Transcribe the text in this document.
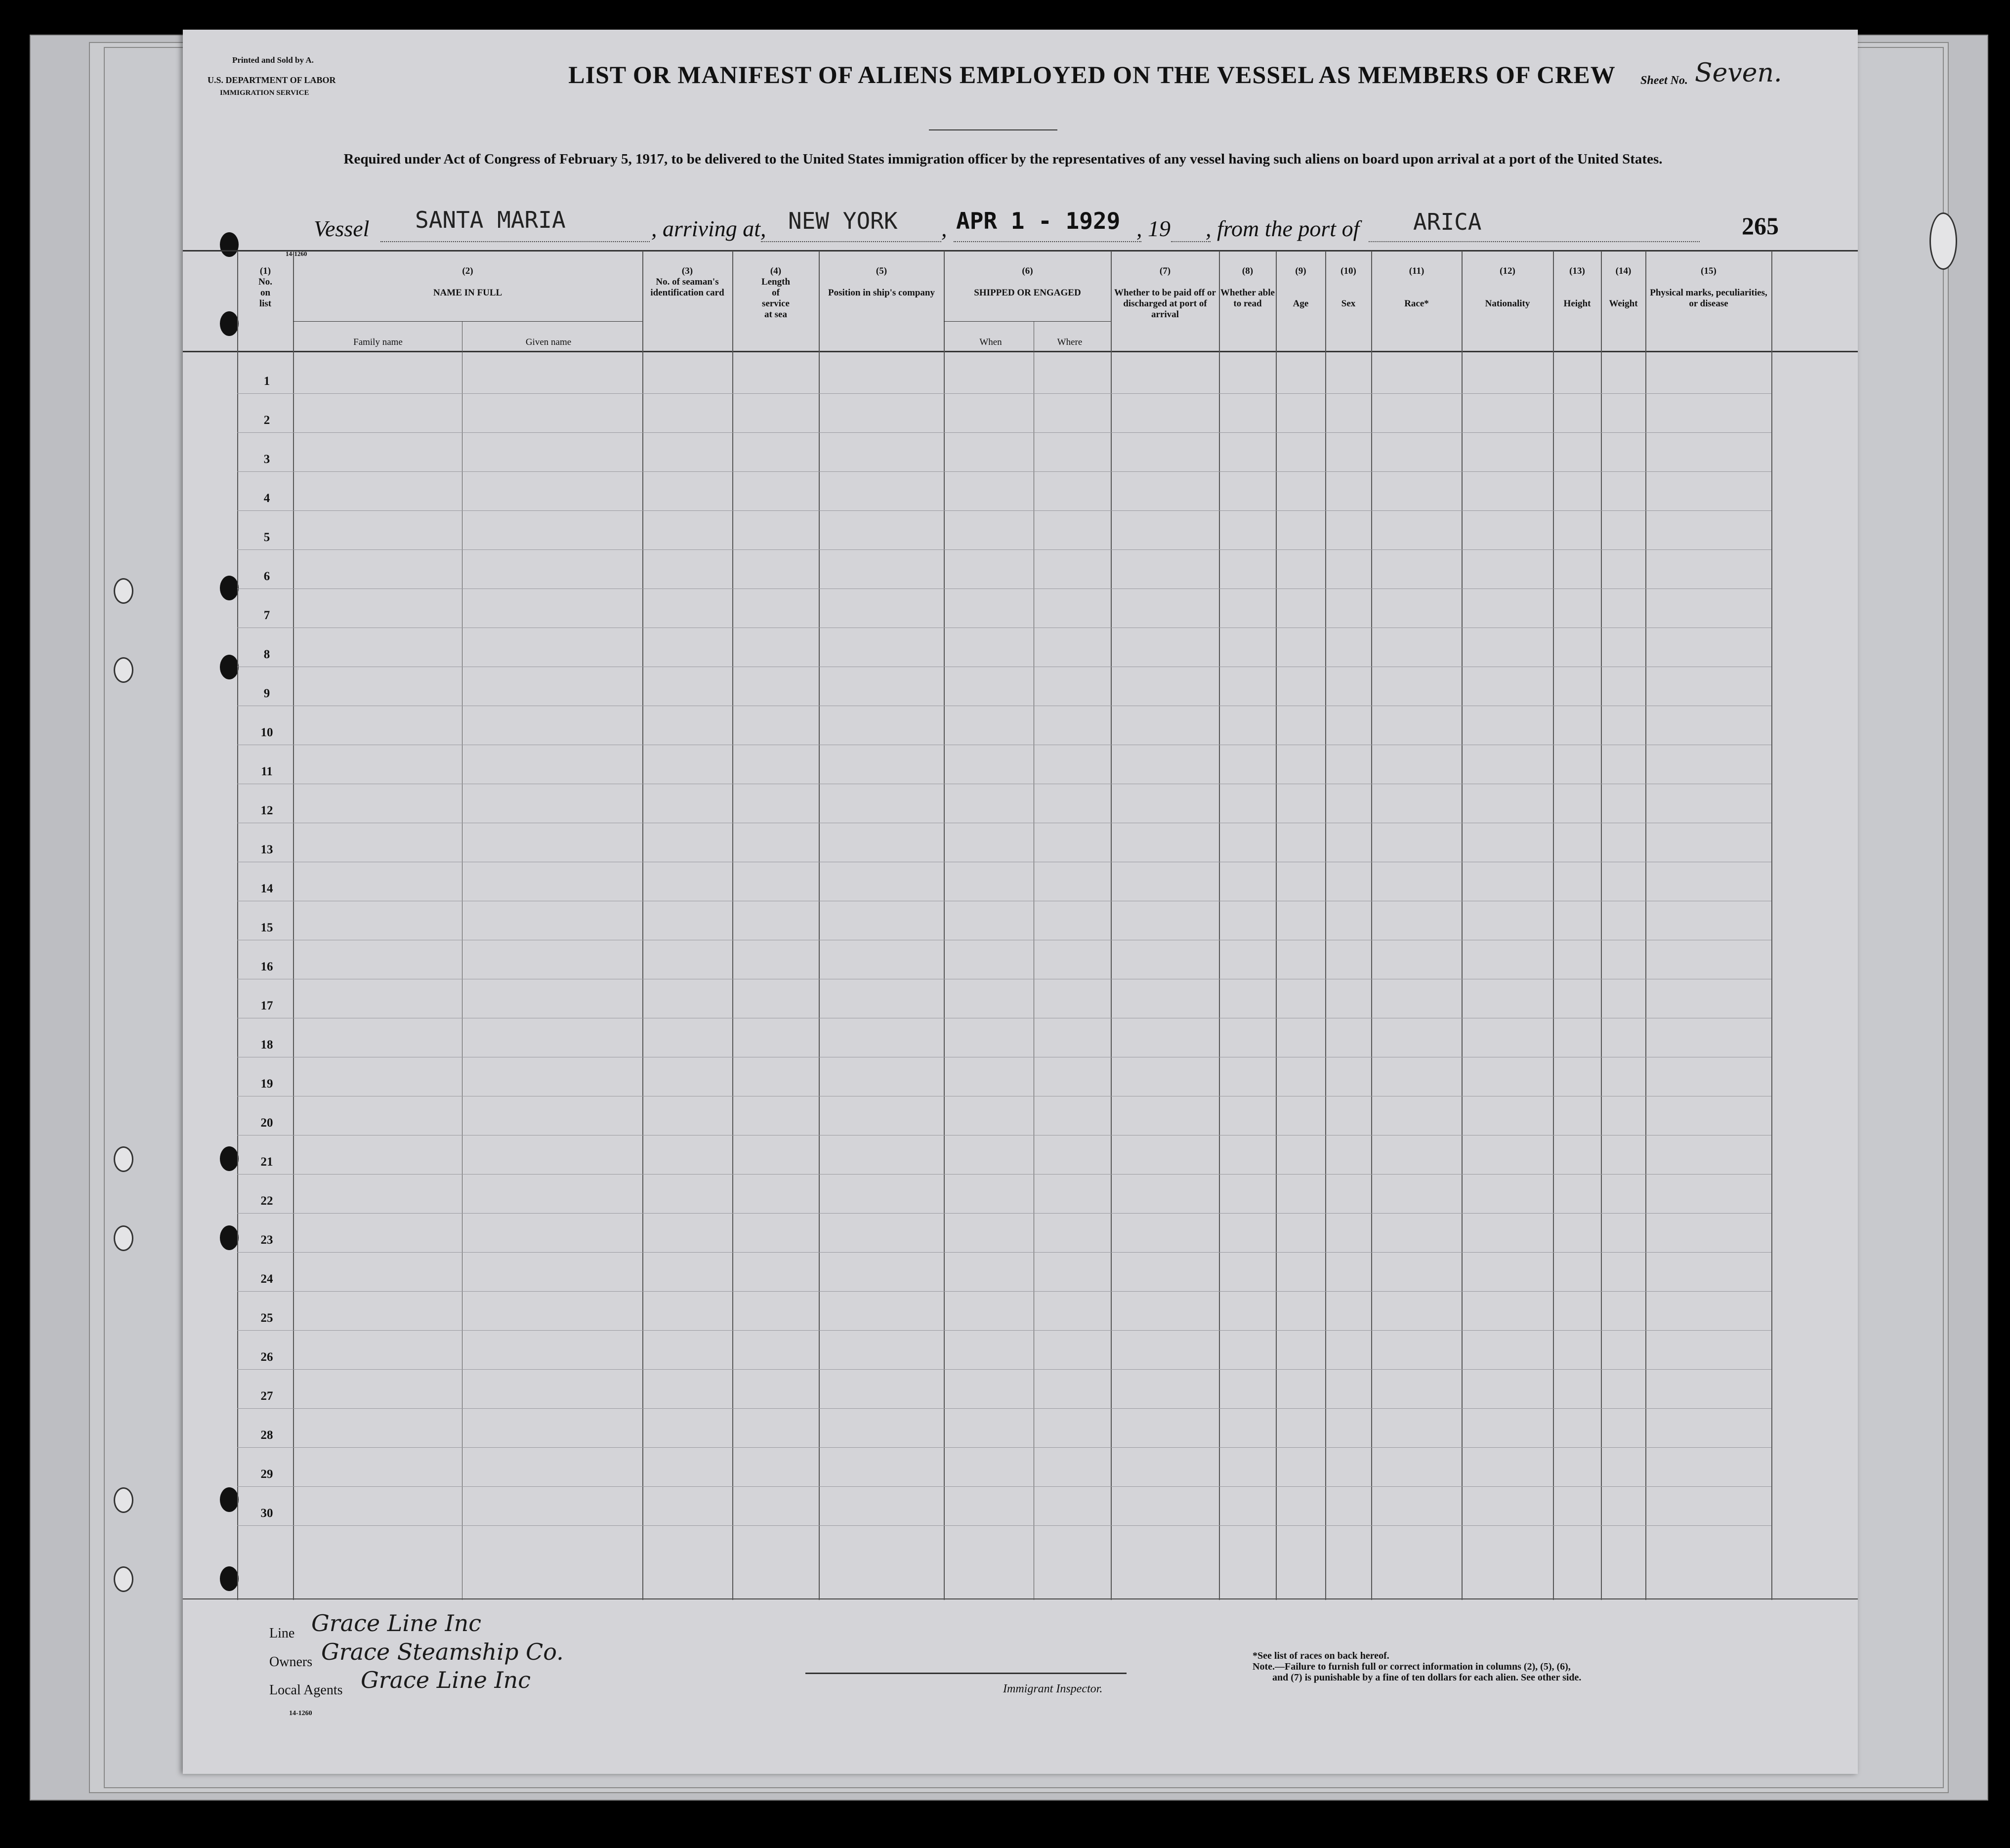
Printed and Sold by A.
U.S. DEPARTMENT OF LABOR
IMMIGRATION SERVICE
Sheet No. Seven.
LIST OR MANIFEST OF ALIENS EMPLOYED ON THE VESSEL AS MEMBERS OF CREW
Required under Act of Congress of February 5, 1917, to be delivered to the United States immigration officer by the representatives of any vessel having such aliens on board upon arrival at a port of the United States.
Vessel SANTA MARIA	, arriving at, NEW YORK , APR 1 - 1929 , 19 , from the port of ARICA	265
14-1260
(1)
No. on list
(2)

NAME IN FULL
Family name	Given name
(3)
No. of seaman's identification card
(4)
Length of service at sea
(5)

Position in ship's company
(6)

SHIPPED OR ENGAGED
When	Where
(7)

Whether to be paid off or discharged at port of arrival
(8)

Whether able to read
(9)

Age
(10)

Sex
(11)

Race*
(12)

Nationality
(13)

Height
(14)

Weight
(15)

Physical marks, peculiarities, or disease
1
2
3
4
5
6
7
8
9
10
11
12
13
14
15
16
17
18
19
20
21
22
23
24
25
26
27
28
29
30
Line Grace Line Inc
Owners Grace Steamship Co.
Local Agents Grace Line Inc
14-1260
Immigrant Inspector.
*See list of races on back hereof.
Note.—Failure to furnish full or correct information in columns (2), (5), (6),
and (7) is punishable by a fine of ten dollars for each alien. See other side.
